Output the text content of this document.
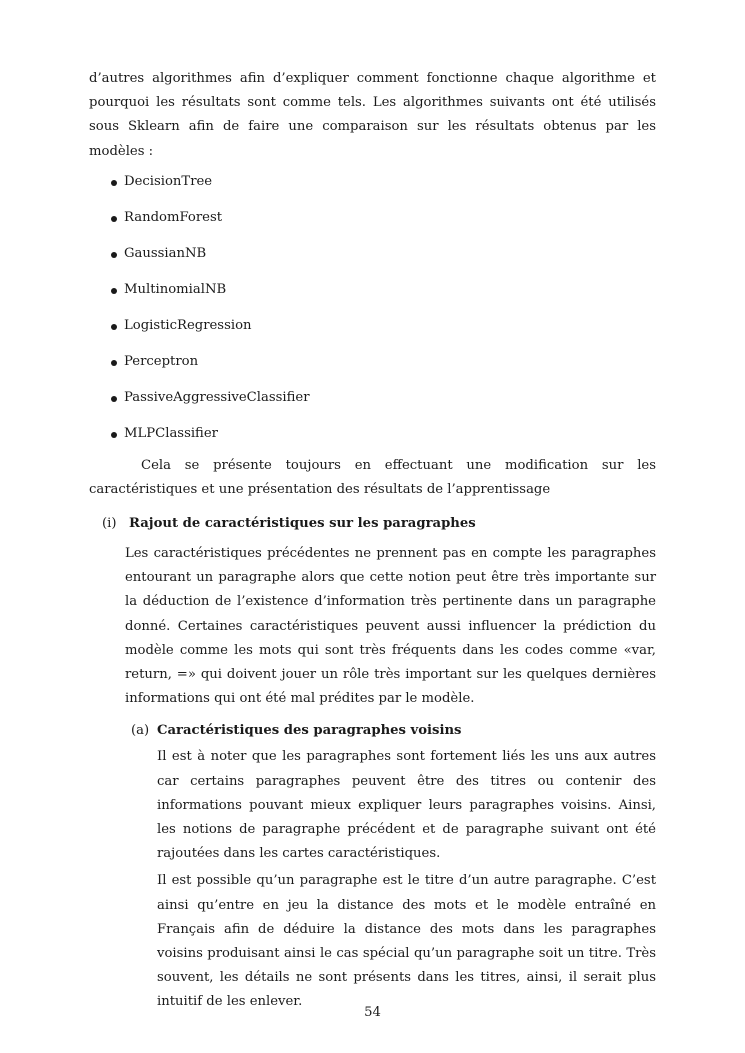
d’autres algorithmes afin d’expliquer comment fonctionne chaque algorithme et pourquoi les résultats sont comme tels. Les algorithmes suivants ont été utilisés sous Sklearn afin de faire une comparaison sur les résultats obtenus par les modèles :

DecisionTree
RandomForest
GaussianNB
MultinomialNB
LogisticRegression
Perceptron
PassiveAggressiveClassifier
MLPClassifier

Cela se présente toujours en effectuant une modification sur les caractéristiques et une présentation des résultats de l’apprentissage

(i) Rajout de caractéristiques sur les paragraphes

Les caractéristiques précédentes ne prennent pas en compte les paragraphes entourant un paragraphe alors que cette notion peut être très importante sur la déduction de l’existence d’information très pertinente dans un paragraphe donné. Certaines caractéristiques peuvent aussi influencer la prédiction du modèle comme les mots qui sont très fréquents dans les codes comme «var, return, =» qui doivent jouer un rôle très important sur les quelques dernières informations qui ont été mal prédites par le modèle.

(a) Caractéristiques des paragraphes voisins

Il est à noter que les paragraphes sont fortement liés les uns aux autres car certains paragraphes peuvent être des titres ou contenir des informations pouvant mieux expliquer leurs paragraphes voisins. Ainsi, les notions de paragraphe précédent et de paragraphe suivant ont été rajoutées dans les cartes caractéristiques.

Il est possible qu’un paragraphe est le titre d’un autre paragraphe. C’est ainsi qu’entre en jeu la distance des mots et le modèle entraîné en Français afin de déduire la distance des mots dans les paragraphes voisins produisant ainsi le cas spécial qu’un paragraphe soit un titre. Très souvent, les détails ne sont présents dans les titres, ainsi, il serait plus intuitif de les enlever.

54
